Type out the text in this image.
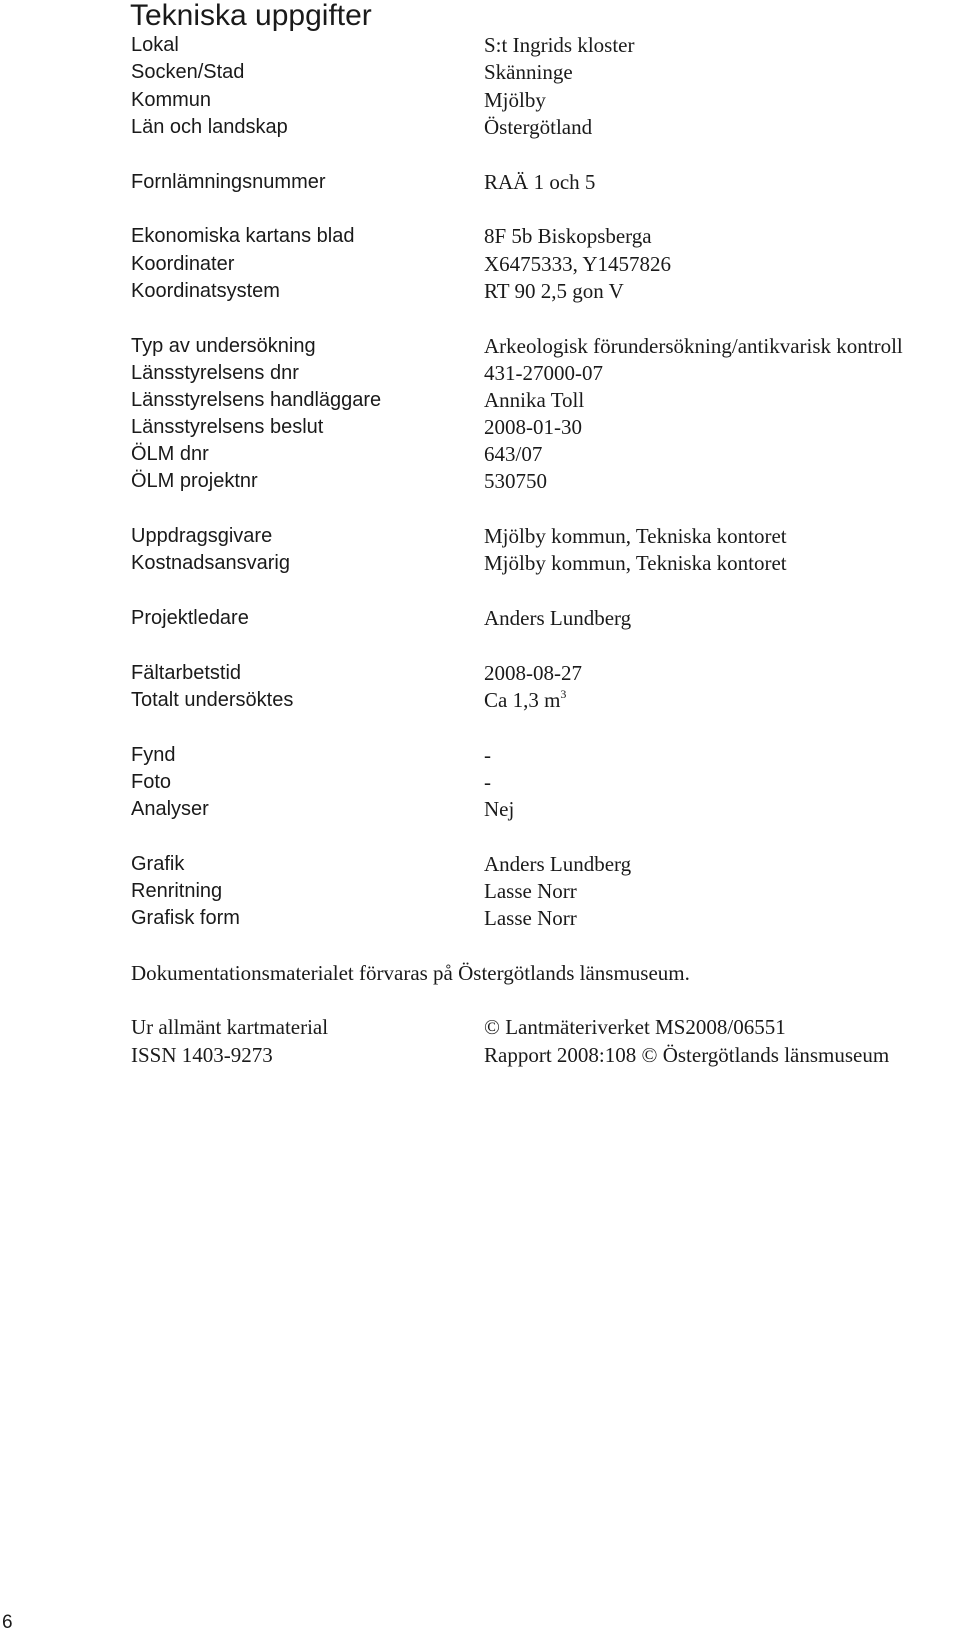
Tekniska uppgifter
Lokal	S:t Ingrids kloster
Socken/Stad	Skänninge
Kommun	Mjölby
Län och landskap	Östergötland
Fornlämningsnummer	RAÄ 1 och 5
Ekonomiska kartans blad	8F 5b Biskopsberga
Koordinater	X6475333, Y1457826
Koordinatsystem	RT 90 2,5 gon V
Typ av undersökning	Arkeologisk förundersökning/antikvarisk kontroll
Länsstyrelsens dnr	431-27000-07
Länsstyrelsens handläggare	Annika Toll
Länsstyrelsens beslut	2008-01-30
ÖLM dnr	643/07
ÖLM projektnr	530750
Uppdragsgivare	Mjölby kommun, Tekniska kontoret
Kostnadsansvarig	Mjölby kommun, Tekniska kontoret
Projektledare	Anders Lundberg
Fältarbetstid	2008-08-27
Totalt undersöktes	Ca 1,3 $m^3$
Fynd	-
Foto	-
Analyser	Nej
Grafik	Anders Lundberg
Renritning	Lasse Norr
Grafisk form	Lasse Norr
Dokumentationsmaterialet förvaras på Östergötlands länsmuseum.
Ur allmänt kartmaterial	© Lantmäteriverket MS2008/06551
ISSN 1403-9273	Rapport 2008:108 © Östergötlands länsmuseum
6
